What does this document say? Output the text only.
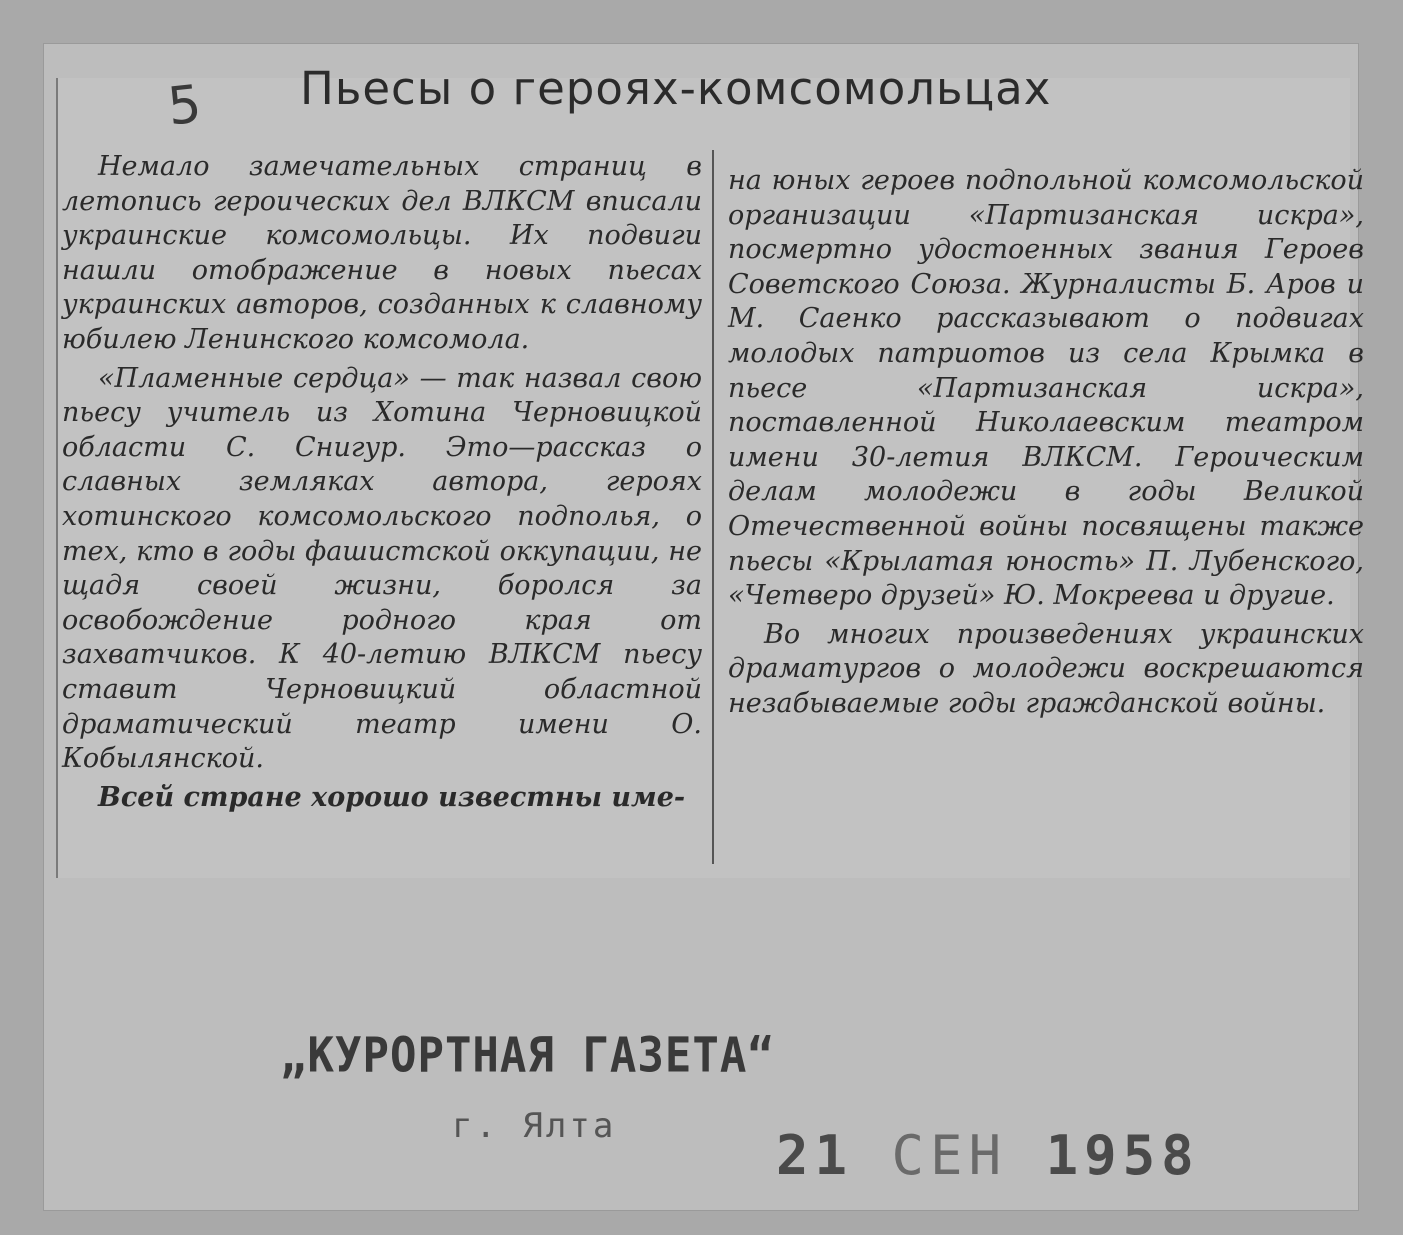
5 Пьесы о героях-комсомольцах

Немало замечательных страниц в летопись героических дел ВЛКСМ вписали украинские комсомольцы. Их подвиги нашли отображение в новых пьесах украинских авторов, созданных к славному юбилею Ленинского комсомола.

«Пламенные сердца» — так назвал свою пьесу учитель из Хотина Черновицкой области С. Снигур. Это—рассказ о славных земляках автора, героях хотинского комсомольского подполья, о тех, кто в годы фашистской оккупации, не щадя своей жизни, боролся за освобождение родного края от захватчиков. К 40-летию ВЛКСМ пьесу ставит Черновицкий областной драматический театр имени О. Кобылянской.

Всей стране хорошо известны име-

на юных героев подпольной комсомольской организации «Партизанская искра», посмертно удостоенных звания Героев Советского Союза. Журналисты Б. Аров и М. Саенко рассказывают о подвигах молодых патриотов из села Крымка в пьесе «Партизанская искра», поставленной Николаевским театром имени 30-летия ВЛКСМ. Героическим делам молодежи в годы Великой Отечественной войны посвящены также пьесы «Крылатая юность» П. Лубенского, «Четверо друзей» Ю. Мокреева и другие.

Во многих произведениях украинских драматургов о молодежи воскрешаются незабываемые годы гражданской войны.

„КУРОРТНАЯ ГАЗЕТА“
г. Ялта	21 СЕН 1958
